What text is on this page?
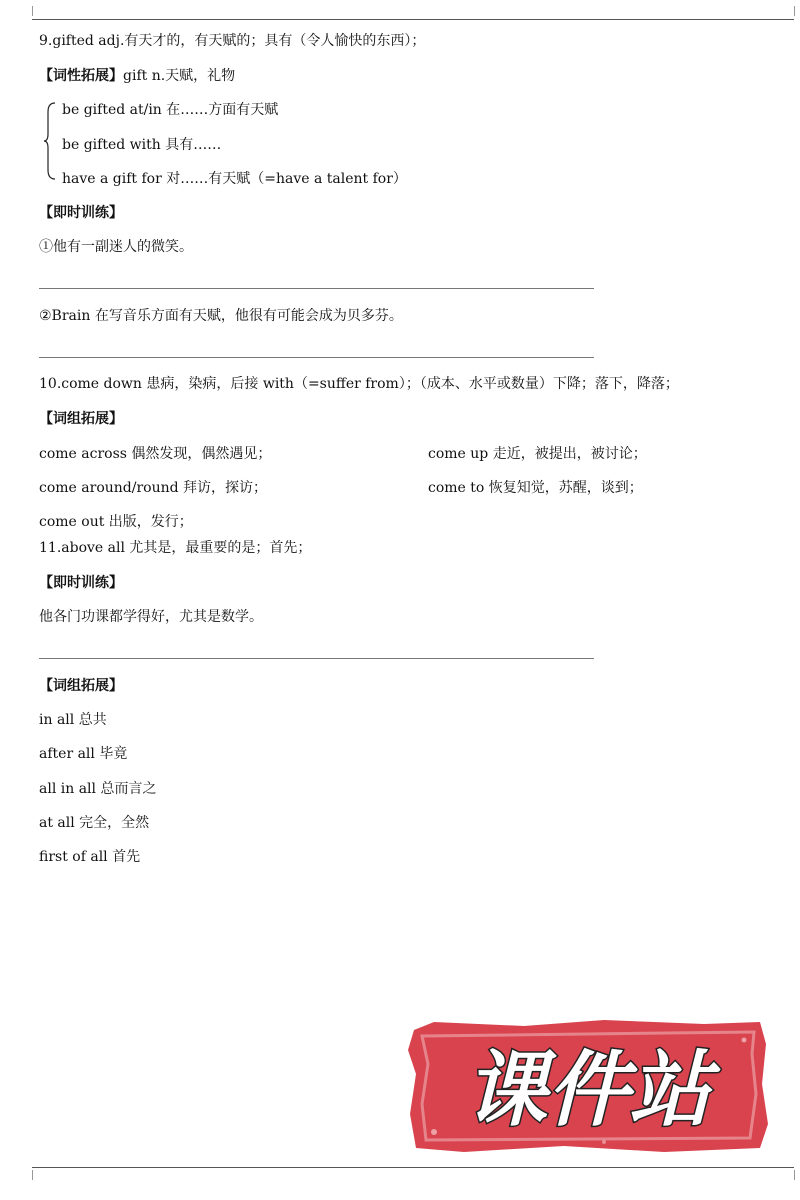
9.gifted adj.有天才的，有天赋的；具有（令人愉快的东西）；
【词性拓展】gift n.天赋，礼物
be gifted at/in 在……方面有天赋
be gifted with 具有……
have a gift for 对……有天赋（=have a talent for）
【即时训练】
①他有一副迷人的微笑。
②Brain 在写音乐方面有天赋，他很有可能会成为贝多芬。
10.come down 患病，染病，后接 with（=suffer from）；（成本、水平或数量）下降；落下，降落；
【词组拓展】
come across 偶然发现，偶然遇见；	come up 走近，被提出，被讨论；
come around/round 拜访，探访；	come to 恢复知觉，苏醒，谈到；
come out 出版，发行；
11.above all 尤其是，最重要的是；首先；
【即时训练】
他各门功课都学得好，尤其是数学。
【词组拓展】
in all 总共
after all 毕竟
all in all 总而言之
at all 完全，全然
first of all 首先
课件站
